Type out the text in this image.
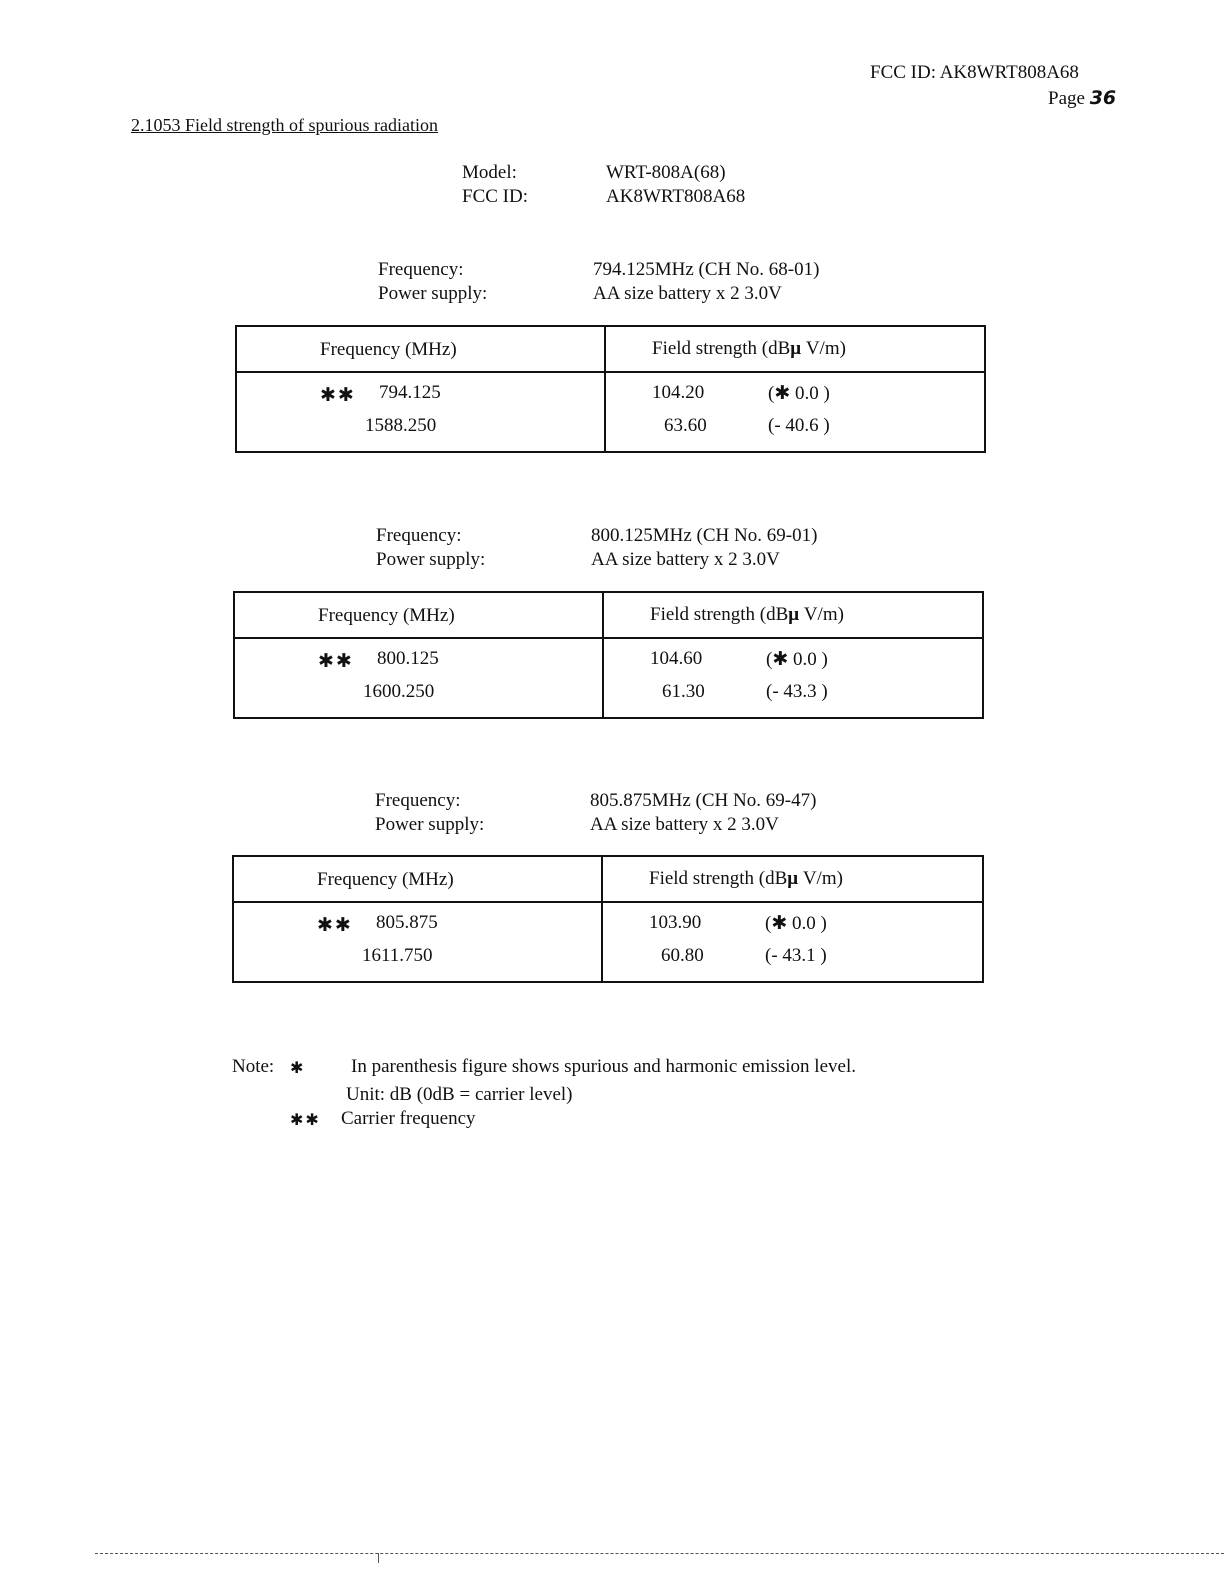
FCC ID: AK8WRT808A68
Page 36
2.1053 Field strength of spurious radiation
Model:	WRT-808A(68)
FCC ID:	AK8WRT808A68
Frequency:	794.125MHz (CH No. 68-01)
Power supply:	AA size battery x 2 3.0V
Frequency (MHz)	Field strength (dBμ V/m)
✱✱ 794.125	104.20	(✱ 0.0 )
1588.250	63.60	(- 40.6 )
Frequency:	800.125MHz (CH No. 69-01)
Power supply:	AA size battery x 2 3.0V
Frequency (MHz)	Field strength (dBμ V/m)
✱✱ 800.125	104.60	(✱ 0.0 )
1600.250	61.30	(- 43.3 )
Frequency:	805.875MHz (CH No. 69-47)
Power supply:	AA size battery x 2 3.0V
Frequency (MHz)	Field strength (dBμ V/m)
✱✱ 805.875	103.90	(✱ 0.0 )
1611.750	60.80	(- 43.1 )
Note: ✱ In parenthesis figure shows spurious and harmonic emission level.
Unit: dB (0dB = carrier level)
✱✱ Carrier frequency
